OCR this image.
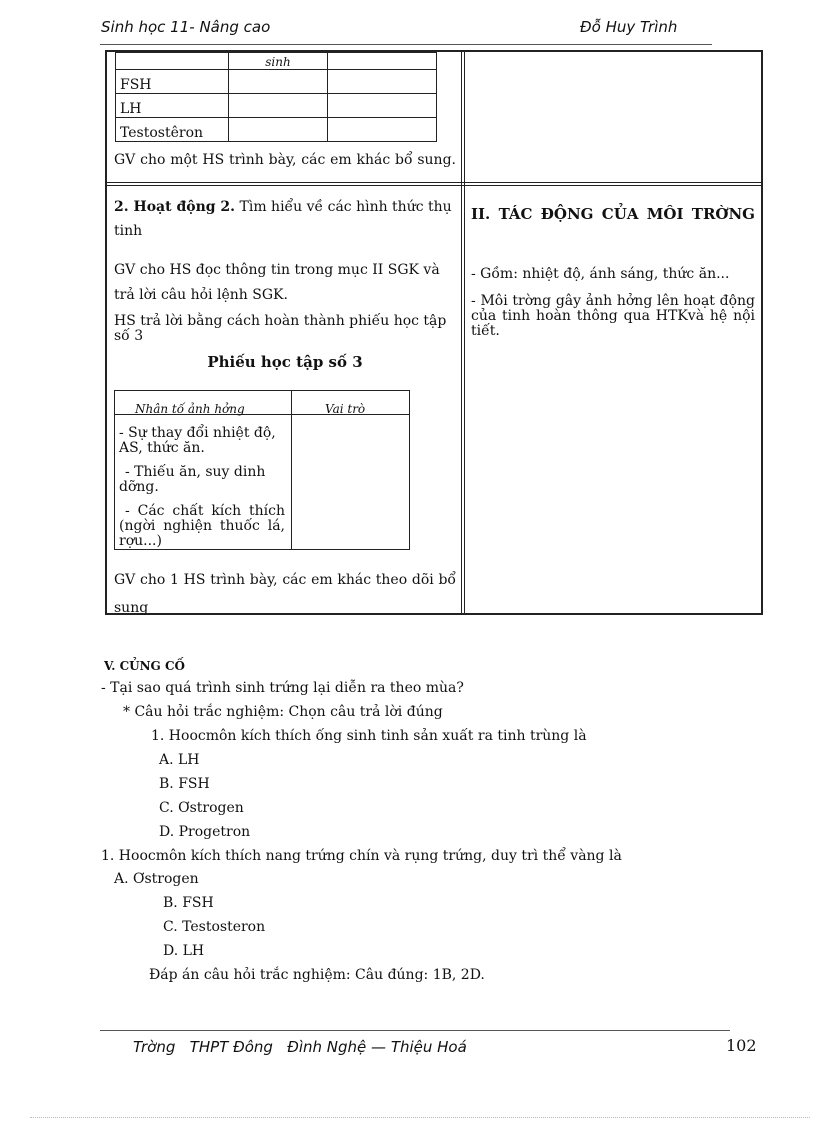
Sinh học 11- Nâng cao	Đỗ Huy Trình
	sinh	
FSH		
LH		
Testostêron		
GV cho một HS trình bày, các em khác bổ sung.
2. Hoạt động 2. Tìm hiểu về các hình thức thụ tinh
GV cho HS đọc thông tin trong mục II SGK và trả lời câu hỏi lệnh SGK.
HS trả lời bằng cách hoàn thành phiếu học tập số 3
Phiếu học tập số 3
Nhân tố ảnh hởng	Vai trò
- Sự thay đổi nhiệt độ, AS, thức ăn.
- Thiếu ăn, suy dinh dỡng.
- Các chất kích thích (ngời nghiện thuốc lá, rợu...)
GV cho 1 HS trình bày, các em khác theo dõi bổ sung
II. TÁC ĐỘNG CỦA MÔI TRỜNG
- Gồm: nhiệt độ, ánh sáng, thức ăn...
- Môi trờng gây ảnh hởng lên hoạt động của tinh hoàn thông qua HTKvà hệ nội tiết.
V. CỦNG CỐ
- Tại sao quá trình sinh trứng lại diễn ra theo mùa?
* Câu hỏi trắc nghiệm: Chọn câu trả lời đúng
1. Hoocmôn kích thích ống sinh tinh sản xuất ra tinh trùng là
A. LH
B. FSH
C. Ơstrogen
D. Progetron
1. Hoocmôn kích thích nang trứng chín và rụng trứng, duy trì thể vàng là
A. Ơstrogen
B. FSH
C. Testosteron
D. LH
Đáp án câu hỏi trắc nghiệm: Câu đúng: 1B, 2D.
Trờng   THPT Đông   Đình Nghệ — Thiệu Hoá	102
